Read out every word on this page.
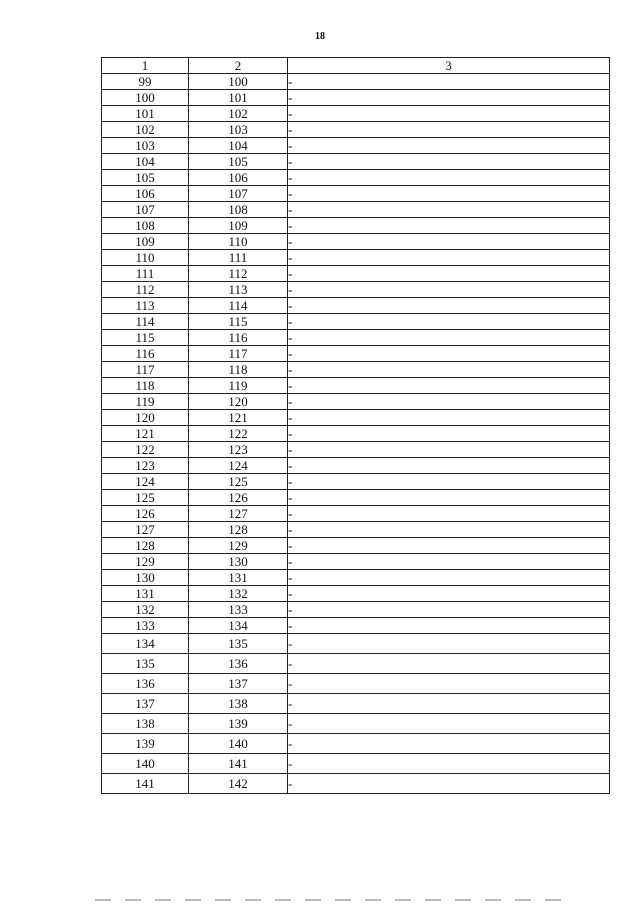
18
1	2	3
99	100	-
100	101	-
101	102	-
102	103	-
103	104	-
104	105	-
105	106	-
106	107	-
107	108	-
108	109	-
109	110	-
110	111	-
111	112	-
112	113	-
113	114	-
114	115	-
115	116	-
116	117	-
117	118	-
118	119	-
119	120	-
120	121	-
121	122	-
122	123	-
123	124	-
124	125	-
125	126	-
126	127	-
127	128	-
128	129	-
129	130	-
130	131	-
131	132	-
132	133	-
133	134	-
134	135	-
135	136	-
136	137	-
137	138	-
138	139	-
139	140	-
140	141	-
141	142	-
